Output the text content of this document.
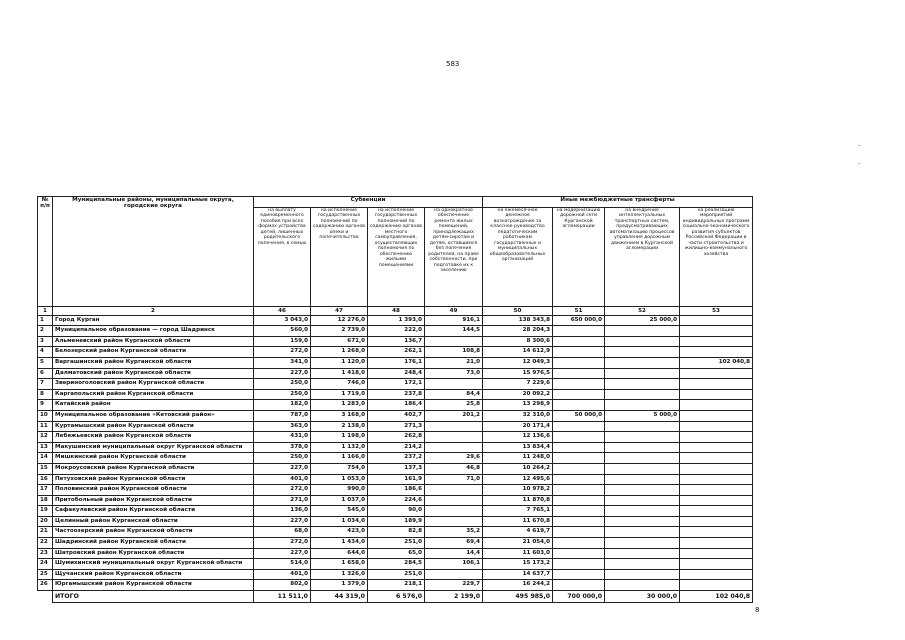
583
·
·
8
№ п/п	Муниципальные районы, муниципальные округа, городские округа	Субвенции				Иные межбюджетные трансферты			
		на выплату единовременного пособия при всех формах устройства детей, лишенных родительского попечения, в семью	на исполнение государственных полномочий по содержанию органов опеки и попечительства	на исполнение государственных полномочий по содержанию органов местного самоуправления, осуществляющих полномочия по обеспечению жилыми помещениями	на однократное обеспечение ремонта жилых помещений, принадлежащих детям-сиротам и детям, оставшимся без попечения родителей, на праве собственности, при подготовке их к заселению	на ежемесячное денежное вознаграждение за классное руководство педагогическим работникам государственных и муниципальных общеобразовательных организаций	на модернизацию дорожной сети Курганской агломерации	на внедрение интеллектуальных транспортных систем, предусматривающих автоматизацию процессов управления дорожным движением в Курганской агломерации	на реализацию мероприятий индивидуальных программ социально-экономического развития субъектов Российской Федерации в части строительства и жилищно-коммунального хозяйства
1	2	46	47	48	49	50	51	52	53
1	Город Курган	3 043,0	12 276,0	1 393,0	916,1	138 343,8	650 000,0	25 000,0	
2	Муниципальное образование — город Шадринск	560,0	2 739,0	222,0	144,5	28 204,3			
3	Альменевский район Курганской области	159,0	671,0	136,7		8 300,6			
4	Белозерский район Курганской области	272,0	1 268,0	262,1	108,8	14 612,9			
5	Варгашинский район Курганской области	341,0	1 120,0	176,1	21,0	12 049,3			102 040,8
6	Далматовский район Курганской области	227,0	1 418,0	248,4	73,0	15 976,5			
7	Звериноголовский район Курганской области	250,0	746,0	172,1		7 229,6			
8	Каргапольский район Курганской области	250,0	1 719,0	237,8	84,4	20 092,2			
9	Катайский район	182,0	1 283,0	186,4	25,8	13 298,9			
10	Муниципальное образование «Кетовский район»	787,0	3 168,0	402,7	201,2	32 310,0	50 000,0	5 000,0	
11	Куртамышский район Курганской области	363,0	2 138,0	271,3		20 171,4			
12	Лебяжьевский район Курганской области	431,0	1 198,0	262,8		12 136,6			
13	Макушинский муниципальный округ Курганской области	378,0	1 132,0	214,2		13 834,4			
14	Мишкинский район Курганской области	250,0	1 166,0	237,2	29,6	11 248,0			
15	Мокроусовский район Курганской области	227,0	754,0	137,3	46,8	10 264,2			
16	Петуховский район Курганской области	401,0	1 053,0	161,9	71,0	12 495,6			
17	Половинский район Курганской области	272,0	990,0	186,6		10 978,2			
18	Притобольный район Курганской области	271,0	1 037,0	224,6		11 870,8			
19	Сафакулевский район Курганской области	136,0	545,0	90,0		7 765,1			
20	Целинный район Курганской области	227,0	1 034,0	189,9		11 670,8			
21	Частоозерский район Курганской области	68,0	423,0	82,8	35,2	4 619,7			
22	Шадринский район Курганской области	272,0	1 434,0	251,0	69,4	21 054,0			
23	Шатровский район Курганской области	227,0	644,0	65,0	14,4	11 603,0			
24	Шумихинский муниципальный округ Курганской области	514,0	1 658,0	284,5	106,1	15 173,2			
25	Щучанский район Курганской области	401,0	1 326,0	251,0		14 637,7			
26	Юргамышский район Курганской области	802,0	1 379,0	218,1	229,7	16 244,2			
	ИТОГО	11 511,0	44 319,0	6 576,0	2 199,0	495 985,0	700 000,0	30 000,0	102 040,8
